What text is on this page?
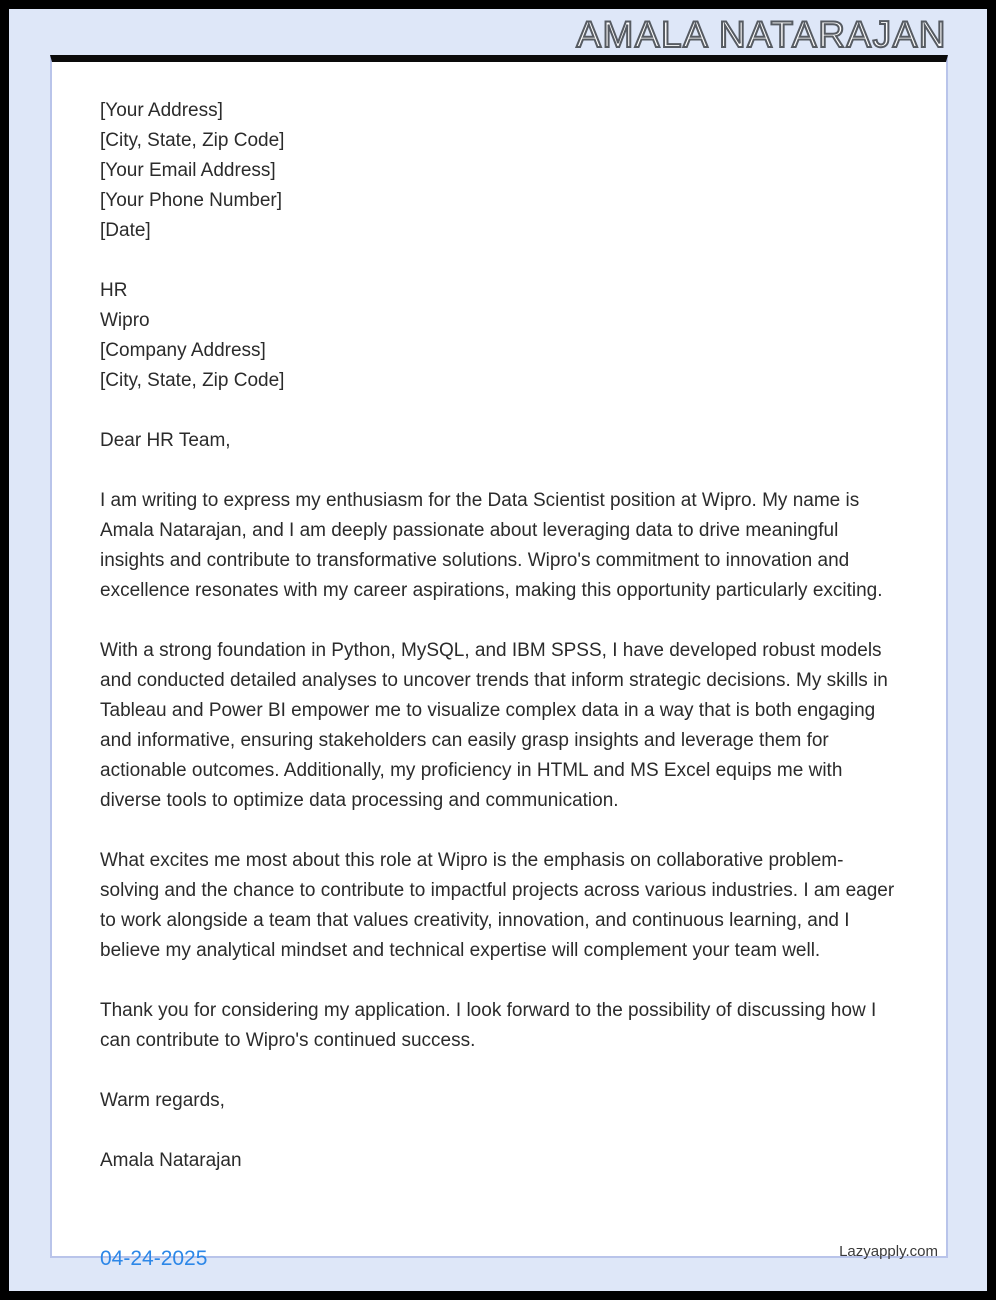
AMALA NATARAJAN
[Your Address]
[City, State, Zip Code]
[Your Email Address]
[Your Phone Number]
[Date]
HR
Wipro
[Company Address]
[City, State, Zip Code]

Dear HR Team,

I am writing to express my enthusiasm for the Data Scientist position at Wipro. My name is Amala Natarajan, and I am deeply passionate about leveraging data to drive meaningful insights and contribute to transformative solutions. Wipro's commitment to innovation and excellence resonates with my career aspirations, making this opportunity particularly exciting.

With a strong foundation in Python, MySQL, and IBM SPSS, I have developed robust models and conducted detailed analyses to uncover trends that inform strategic decisions. My skills in Tableau and Power BI empower me to visualize complex data in a way that is both engaging and informative, ensuring stakeholders can easily grasp insights and leverage them for actionable outcomes. Additionally, my proficiency in HTML and MS Excel equips me with diverse tools to optimize data processing and communication.

What excites me most about this role at Wipro is the emphasis on collaborative problem-solving and the chance to contribute to impactful projects across various industries. I am eager to work alongside a team that values creativity, innovation, and continuous learning, and I believe my analytical mindset and technical expertise will complement your team well.

Thank you for considering my application. I look forward to the possibility of discussing how I can contribute to Wipro's continued success.

Warm regards,

Amala Natarajan

Lazyapply.com
04-24-2025
